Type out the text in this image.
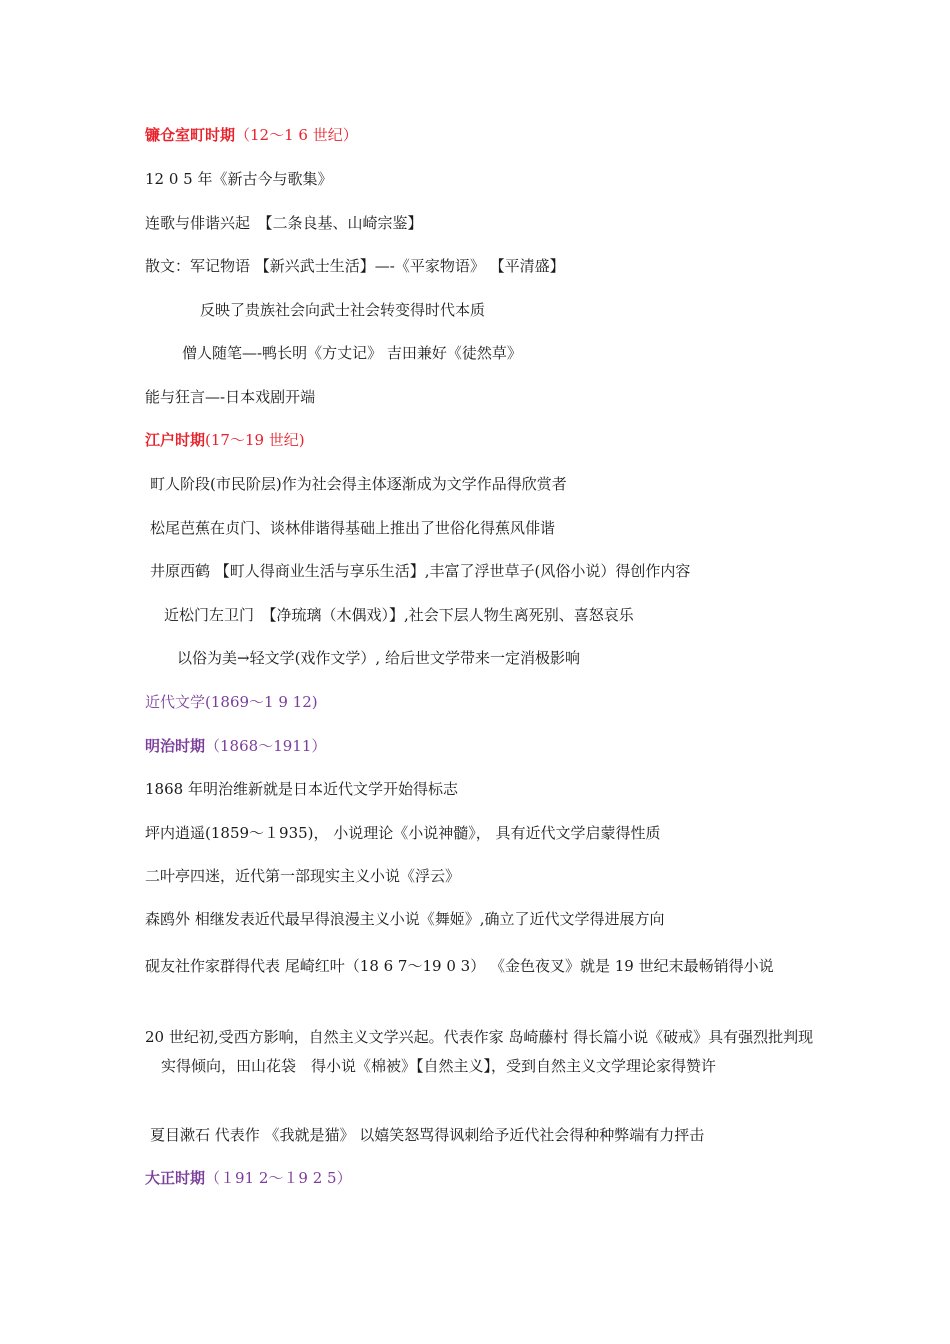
镰仓室町时期（12～1 6 世纪）
12 0 5 年《新古今与歌集》
连歌与俳谐兴起　【二条良基、山崎宗鉴】
散文：军记物语 【新兴武士生活】—-《平家物语》 【平清盛】
反映了贵族社会向武士社会转变得时代本质
僧人随笔—-鸭长明《方丈记》 吉田兼好《徒然草》
能与狂言—-日本戏剧开端
江户时期(17～19 世纪)
町人阶段(市民阶层)作为社会得主体逐渐成为文学作品得欣赏者
松尾芭蕉在贞门、谈林俳谐得基础上推出了世俗化得蕉风俳谐
井原西鹤 【町人得商业生活与享乐生活】,丰富了浮世草子(风俗小说）得创作内容
近松门左卫门　【净琉璃（木偶戏）】,社会下层人物生离死别、喜怒哀乐
以俗为美→轻文学(戏作文学）, 给后世文学带来一定消极影响
近代文学(1869～1 9 12)
明治时期（1868～1911）
1868 年明治维新就是日本近代文学开始得标志
坪内逍遥(1859～１935)， 小说理论《小说神髓》， 具有近代文学启蒙得性质
二叶亭四迷，近代第一部现实主义小说《浮云》
森鸥外 相继发表近代最早得浪漫主义小说《舞姬》,确立了近代文学得进展方向
砚友社作家群得代表 尾崎红叶（18 6 7～19 0 3） 《金色夜叉》就是 19 世纪末最畅销得小说
20 世纪初,受西方影响，自然主义文学兴起。代表作家 岛崎藤村 得长篇小说《破戒》具有强烈批判现实得倾向，田山花袋　得小说《棉被》【自然主义】，受到自然主义文学理论家得赞许
夏目漱石 代表作 《我就是猫》 以嬉笑怒骂得讽刺给予近代社会得种种弊端有力抨击
大正时期（１91 2～１9 2 5）
